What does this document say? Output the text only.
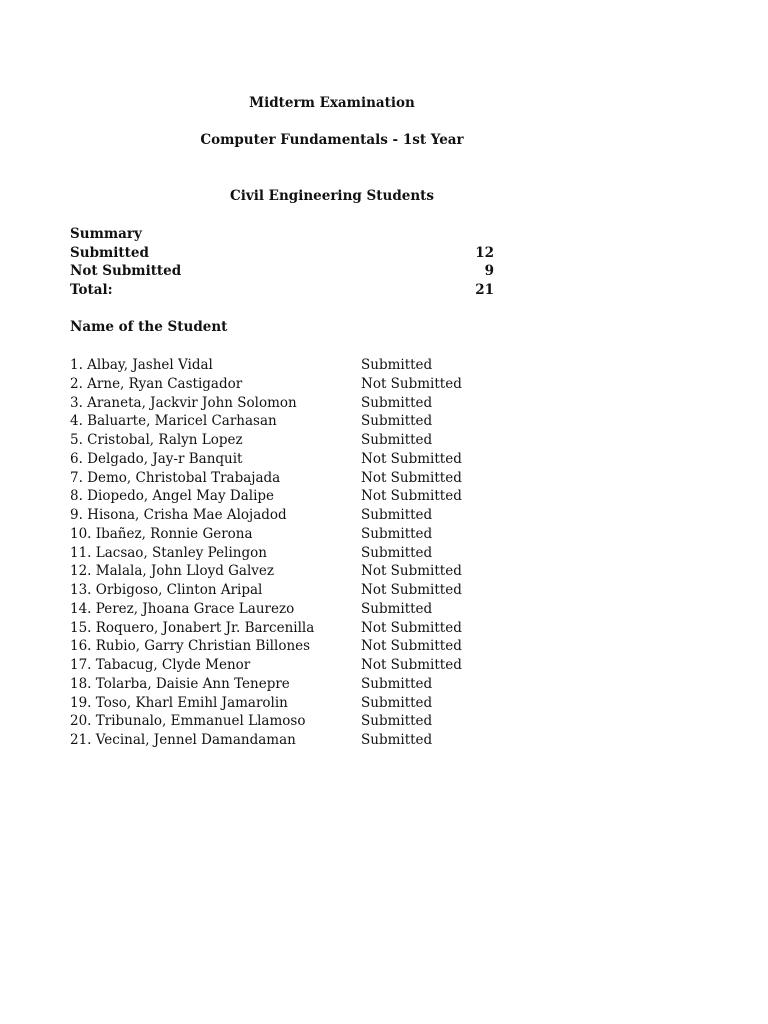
Midterm Examination
Computer Fundamentals - 1st Year
Civil Engineering Students
Summary
Submitted	12
Not Submitted	9
Total:	21
Name of the Student
1. Albay, Jashel Vidal	Submitted
2. Arne, Ryan Castigador	Not Submitted
3. Araneta, Jackvir John Solomon	Submitted
4. Baluarte, Maricel Carhasan	Submitted
5. Cristobal, Ralyn Lopez	Submitted
6. Delgado, Jay-r Banquit	Not Submitted
7. Demo, Christobal Trabajada	Not Submitted
8. Diopedo, Angel May Dalipe	Not Submitted
9. Hisona, Crisha Mae Alojadod	Submitted
10. Ibañez, Ronnie Gerona	Submitted
11. Lacsao, Stanley Pelingon	Submitted
12. Malala, John Lloyd Galvez	Not Submitted
13. Orbigoso, Clinton Aripal	Not Submitted
14. Perez, Jhoana Grace Laurezo	Submitted
15. Roquero, Jonabert Jr. Barcenilla	Not Submitted
16. Rubio, Garry Christian Billones	Not Submitted
17. Tabacug, Clyde Menor	Not Submitted
18. Tolarba, Daisie Ann Tenepre	Submitted
19. Toso, Kharl Emihl Jamarolin	Submitted
20. Tribunalo, Emmanuel Llamoso	Submitted
21. Vecinal, Jennel Damandaman	Submitted
